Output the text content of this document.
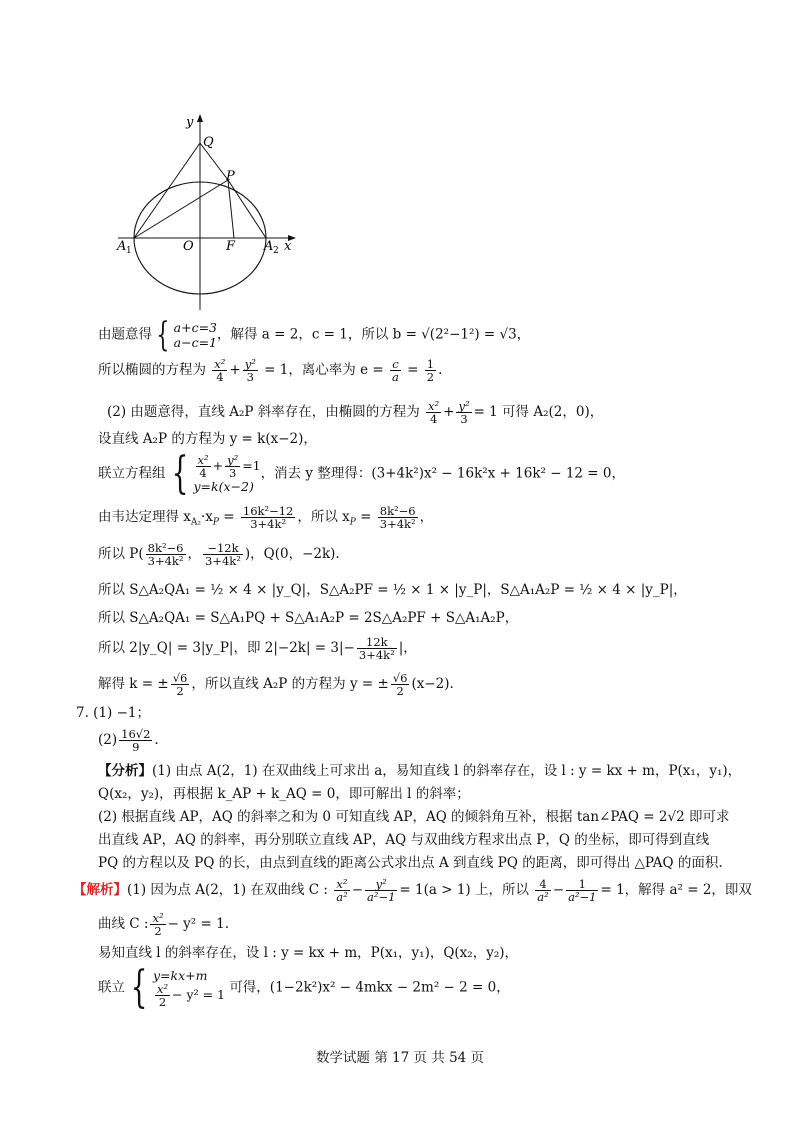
y
Q
P
A 1	O F A 2 x
由题意得 { a+c=3
a−c=1 ，解得 a = 2，c = 1，所以 b = √(2²−1²) = √3，
所以椭圆的方程为 $\frac{\text{x²}}{4} + \frac{\text{y²}}{3} = 1$，离心率为 $e = \frac{c}{a} = \frac{1}{2}$ .
(2) 由题意得，直线 A₂P 斜率存在，由椭圆的方程为 $\frac{\text{x²}}{4} + \frac{\text{y²}}{3} = 1$ 可得 A₂(2，0)，
设直线 A₂P 的方程为 y = k(x−2)，
联立方程组 { $\frac{\text{x²}}{4} + \frac{\text{y²}}{3} =1$
y=k(x−2)
，消去 y 整理得：(3+4k²)x² − 16k²x + 16k² − 12 = 0，
由韦达定理得 $x_{A_2}\cdot x_P = \frac{\text{16k²−12}}{\text{3+4k²}}$ ，所以 $x_P = \frac{\text{8k²−6}}{\text{3+4k²}}$ ，
所以 $P( \frac{\text{8k²−6}}{\text{3+4k²}}$ ， $\frac{-12k}{\text{3+4k²}}$ )，Q(0，−2k).
所以 S△A₂QA₁ = ½ × 4 × |y_Q|，S△A₂PF = ½ × 1 × |y_P|，S△A₁A₂P = ½ × 4 × |y_P|，
所以 S△A₂QA₁ = S△A₁PQ + S△A₁A₂P = 2S△A₂PF + S△A₁A₂P，
所以 2|y_Q| = 3|y_P|，即 $2|-2k| = 3|- \frac{12k}{\text{3+4k²}}$ |，
解得 k = ± $\frac{√6}{2}$ ，所以直线 A₂P 的方程为 y = ± $\frac{√6}{2} (x-2)$.
7. (1) −1；
$(2) \frac{16√2}{9}$ .
【分析】(1) 由点 A(2，1) 在双曲线上可求出 a，易知直线 l 的斜率存在，设 l : y = kx + m，P(x₁，y₁)，
Q(x₂，y₂)，再根据 k_AP + k_AQ = 0，即可解出 l 的斜率；
(2) 根据直线 AP，AQ 的斜率之和为 0 可知直线 AP，AQ 的倾斜角互补，根据 tan∠PAQ = 2√2 即可求
出直线 AP，AQ 的斜率，再分别联立直线 AP，AQ 与双曲线方程求出点 P，Q 的坐标，即可得到直线
PQ 的方程以及 PQ 的长，由点到直线的距离公式求出点 A 到直线 PQ 的距离，即可得出 △PAQ 的面积.
【解析】(1) 因为点 A(2，1) 在双曲线 C : $\frac{\text{x²}}{\text{a²}} - \frac{\text{y²}}{\text{a²−1}} = 1(a > 1)$ 上，所以 $\frac{4}{\text{a²}} - \frac{1}{\text{a²−1}} = 1$，解得 a² = 2，即双
曲线 C : $\frac{\text{x²}}{2} - y^2 = 1$.
易知直线 l 的斜率存在，设 l : y = kx + m，P(x₁，y₁)，Q(x₂，y₂)，
联立 { y=kx+m
$\frac{\text{x²}}{2} - y^2 = 1$ 可得，(1−2k²)x² − 4mkx − 2m² − 2 = 0，
数学试题 第 17 页 共 54 页
